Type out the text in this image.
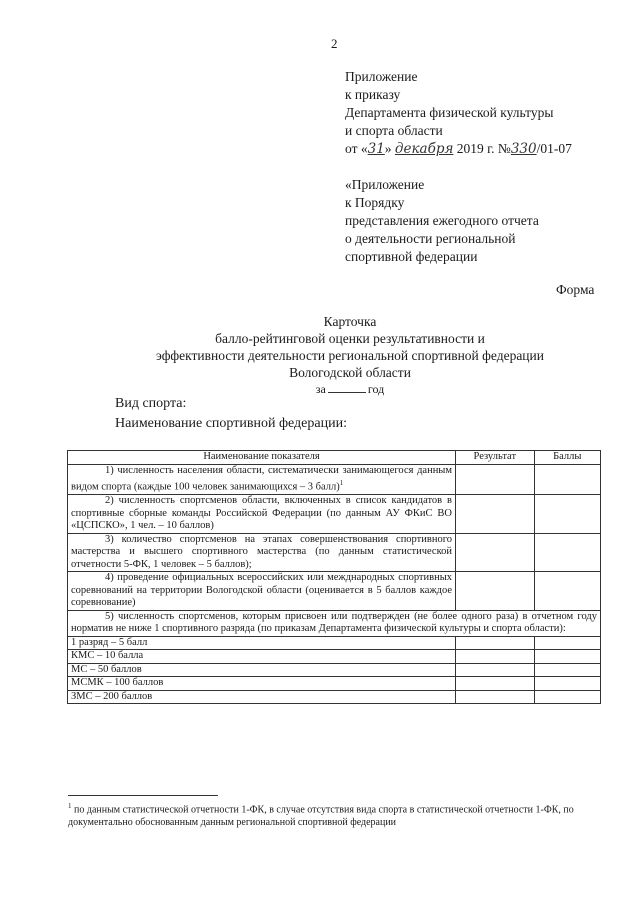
2
Приложение
к приказу
Департамента физической культуры
и спорта области
от «31» декабря 2019 г. №330/01-07
«Приложение
к Порядку
представления ежегодного отчета
о деятельности региональной
спортивной федерации
Форма
Карточка
балло-рейтинговой оценки результативности и
эффективности деятельности региональной спортивной федерации
Вологодской области
за	год
Вид спорта:
Наименование спортивной федерации:
Наименование показателя	Результат	Баллы
1) численность населения области, систематически занимающегося данным видом спорта (каждые 100 человек занимающихся – 3 балл)$^1$		
2) численность спортсменов области, включенных в список кандидатов в спортивные сборные команды Российской Федерации (по данным АУ ФКиС ВО «ЦСПСКО», 1 чел. – 10 баллов)		
3) количество спортсменов на этапах совершенствования спортивного мастерства и высшего спортивного мастерства (по данным статистической отчетности 5-ФК, 1 человек – 5 баллов);		
4) проведение официальных всероссийских или межднародных спортивных соревнований на территории Вологодской области (оценивается в 5 баллов каждое соревнование)		
5) численность спортсменов, которым присвоен или подтвержден (не более одного раза) в отчетном году норматив не ниже 1 спортивного разряда (по приказам Департамента физической культуры и спорта области):		
1 разряд – 5 балл		
КМС – 10 балла		
МС – 50 баллов		
МСМК – 100 баллов		
ЗМС – 200 баллов		
$^1$ по данным статистической отчетности 1-ФК, в случае отсутствия вида спорта в статистической отчетности 1-ФК, по документально обоснованным данным региональной спортивной федерации
